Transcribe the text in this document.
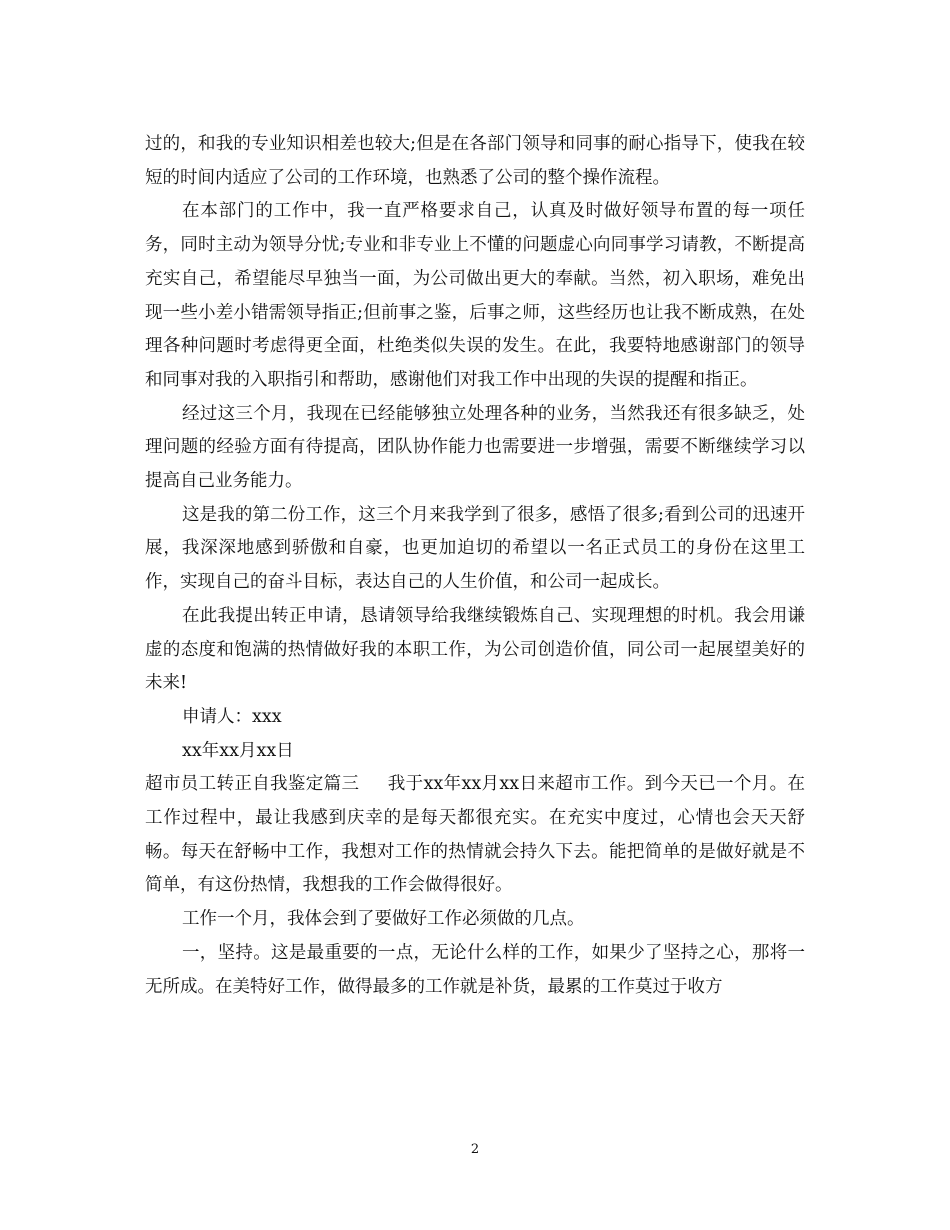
过的，和我的专业知识相差也较大;但是在各部门领导和同事的耐心指导下，使我在较短的时间内适应了公司的工作环境，也熟悉了公司的整个操作流程。

在本部门的工作中，我一直严格要求自己，认真及时做好领导布置的每一项任务，同时主动为领导分忧;专业和非专业上不懂的问题虚心向同事学习请教，不断提高充实自己，希望能尽早独当一面，为公司做出更大的奉献。当然，初入职场，难免出现一些小差小错需领导指正;但前事之鉴，后事之师，这些经历也让我不断成熟，在处理各种问题时考虑得更全面，杜绝类似失误的发生。在此，我要特地感谢部门的领导和同事对我的入职指引和帮助，感谢他们对我工作中出现的失误的提醒和指正。

经过这三个月，我现在已经能够独立处理各种的业务，当然我还有很多缺乏，处理问题的经验方面有待提高，团队协作能力也需要进一步增强，需要不断继续学习以提高自己业务能力。

这是我的第二份工作，这三个月来我学到了很多，感悟了很多;看到公司的迅速开展，我深深地感到骄傲和自豪，也更加迫切的希望以一名正式员工的身份在这里工作，实现自己的奋斗目标，表达自己的人生价值，和公司一起成长。

在此我提出转正申请，恳请领导给我继续锻炼自己、实现理想的时机。我会用谦虚的态度和饱满的热情做好我的本职工作，为公司创造价值，同公司一起展望美好的未来!

申请人：xxx

xx年xx月xx日

超市员工转正自我鉴定篇三 我于xx年xx月xx日来超市工作。到今天已一个月。在工作过程中，最让我感到庆幸的是每天都很充实。在充实中度过，心情也会天天舒畅。每天在舒畅中工作，我想对工作的热情就会持久下去。能把简单的是做好就是不简单，有这份热情，我想我的工作会做得很好。

工作一个月，我体会到了要做好工作必须做的几点。

一，坚持。这是最重要的一点，无论什么样的工作，如果少了坚持之心，那将一无所成。在美特好工作，做得最多的工作就是补货，最累的工作莫过于收方

2
